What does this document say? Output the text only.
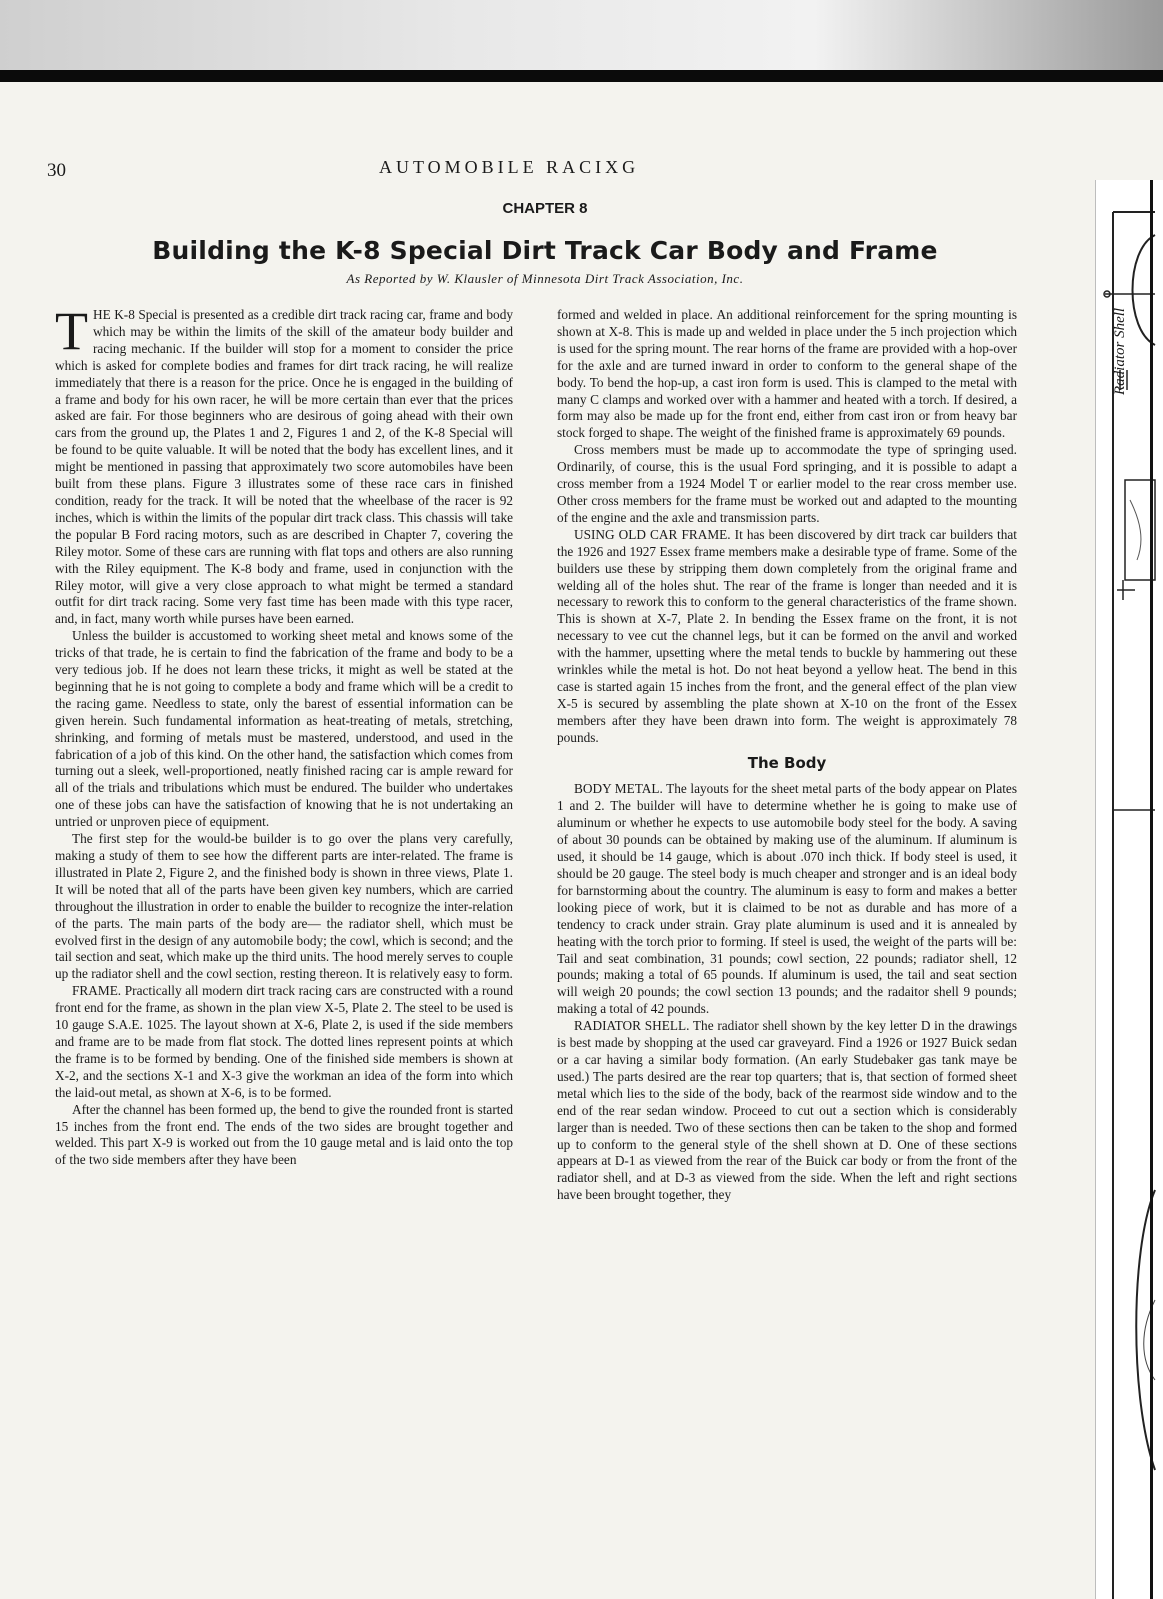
Radiator Shell
30	AUTOMOBILE RACIXG
CHAPTER 8
Building the K-8 Special Dirt Track Car Body and Frame
As Reported by W. Klausler of Minnesota Dirt Track Association, Inc.

THE K-8 Special is presented as a credible dirt track racing car, frame and body which may be within the limits of the skill of the amateur body builder and racing mechanic. If the builder will stop for a moment to consider the price which is asked for complete bodies and frames for dirt track racing, he will realize immediately that there is a reason for the price. Once he is engaged in the building of a frame and body for his own racer, he will be more certain than ever that the prices asked are fair. For those beginners who are desirous of going ahead with their own cars from the ground up, the Plates 1 and 2, Figures 1 and 2, of the K-8 Special will be found to be quite valuable. It will be noted that the body has excellent lines, and it might be mentioned in passing that approximately two score automobiles have been built from these plans. Figure 3 illustrates some of these race cars in finished condition, ready for the track. It will be noted that the wheelbase of the racer is 92 inches, which is within the limits of the popular dirt track class. This chassis will take the popular B Ford racing motors, such as are described in Chapter 7, covering the Riley motor. Some of these cars are running with flat tops and others are also running with the Riley equipment. The K-8 body and frame, used in conjunction with the Riley motor, will give a very close approach to what might be termed a standard outfit for dirt track racing. Some very fast time has been made with this type racer, and, in fact, many worth while purses have been earned.

Unless the builder is accustomed to working sheet metal and knows some of the tricks of that trade, he is certain to find the fabrication of the frame and body to be a very tedious job. If he does not learn these tricks, it might as well be stated at the beginning that he is not going to complete a body and frame which will be a credit to the racing game. Needless to state, only the barest of essential information can be given herein. Such fundamental information as heat-treating of metals, stretching, shrinking, and forming of metals must be mastered, understood, and used in the fabrication of a job of this kind. On the other hand, the satisfaction which comes from turning out a sleek, well-proportioned, neatly finished racing car is ample reward for all of the trials and tribulations which must be endured. The builder who undertakes one of these jobs can have the satisfaction of knowing that he is not undertaking an untried or unproven piece of equipment.

The first step for the would-be builder is to go over the plans very carefully, making a study of them to see how the different parts are inter-related. The frame is illustrated in Plate 2, Figure 2, and the finished body is shown in three views, Plate 1. It will be noted that all of the parts have been given key numbers, which are carried throughout the illustration in order to enable the builder to recognize the inter-relation of the parts. The main parts of the body are— the radiator shell, which must be evolved first in the design of any automobile body; the cowl, which is second; and the tail section and seat, which make up the third units. The hood merely serves to couple up the radiator shell and the cowl section, resting thereon. It is relatively easy to form.

FRAME. Practically all modern dirt track racing cars are constructed with a round front end for the frame, as shown in the plan view X-5, Plate 2. The steel to be used is 10 gauge S.A.E. 1025. The layout shown at X-6, Plate 2, is used if the side members and frame are to be made from flat stock. The dotted lines represent points at which the frame is to be formed by bending. One of the finished side members is shown at X-2, and the sections X-1 and X-3 give the workman an idea of the form into which the laid-out metal, as shown at X-6, is to be formed.

After the channel has been formed up, the bend to give the rounded front is started 15 inches from the front end. The ends of the two sides are brought together and welded. This part X-9 is worked out from the 10 gauge metal and is laid onto the top of the two side members after they have been

formed and welded in place. An additional reinforcement for the spring mounting is shown at X-8. This is made up and welded in place under the 5 inch projection which is used for the spring mount. The rear horns of the frame are provided with a hop-over for the axle and are turned inward in order to conform to the general shape of the body. To bend the hop-up, a cast iron form is used. This is clamped to the metal with many C clamps and worked over with a hammer and heated with a torch. If desired, a form may also be made up for the front end, either from cast iron or from heavy bar stock forged to shape. The weight of the finished frame is approximately 69 pounds.

Cross members must be made up to accommodate the type of springing used. Ordinarily, of course, this is the usual Ford springing, and it is possible to adapt a cross member from a 1924 Model T or earlier model to the rear cross member use. Other cross members for the frame must be worked out and adapted to the mounting of the engine and the axle and transmission parts.

USING OLD CAR FRAME. It has been discovered by dirt track car builders that the 1926 and 1927 Essex frame members make a desirable type of frame. Some of the builders use these by stripping them down completely from the original frame and welding all of the holes shut. The rear of the frame is longer than needed and it is necessary to rework this to conform to the general characteristics of the frame shown. This is shown at X-7, Plate 2. In bending the Essex frame on the front, it is not necessary to vee cut the channel legs, but it can be formed on the anvil and worked with the hammer, upsetting where the metal tends to buckle by hammering out these wrinkles while the metal is hot. Do not heat beyond a yellow heat. The bend in this case is started again 15 inches from the front, and the general effect of the plan view X-5 is secured by assembling the plate shown at X-10 on the front of the Essex members after they have been drawn into form. The weight is approximately 78 pounds.

The Body

BODY METAL. The layouts for the sheet metal parts of the body appear on Plates 1 and 2. The builder will have to determine whether he is going to make use of aluminum or whether he expects to use automobile body steel for the body. A saving of about 30 pounds can be obtained by making use of the aluminum. If aluminum is used, it should be 14 gauge, which is about .070 inch thick. If body steel is used, it should be 20 gauge. The steel body is much cheaper and stronger and is an ideal body for barnstorming about the country. The aluminum is easy to form and makes a better looking piece of work, but it is claimed to be not as durable and has more of a tendency to crack under strain. Gray plate aluminum is used and it is annealed by heating with the torch prior to forming. If steel is used, the weight of the parts will be: Tail and seat combination, 31 pounds; cowl section, 22 pounds; radiator shell, 12 pounds; making a total of 65 pounds. If aluminum is used, the tail and seat section will weigh 20 pounds; the cowl section 13 pounds; and the radaitor shell 9 pounds; making a total of 42 pounds.

RADIATOR SHELL. The radiator shell shown by the key letter D in the drawings is best made by shopping at the used car graveyard. Find a 1926 or 1927 Buick sedan or a car having a similar body formation. (An early Studebaker gas tank maye be used.) The parts desired are the rear top quarters; that is, that section of formed sheet metal which lies to the side of the body, back of the rearmost side window and to the end of the rear sedan window. Proceed to cut out a section which is considerably larger than is needed. Two of these sections then can be taken to the shop and formed up to conform to the general style of the shell shown at D. One of these sections appears at D-1 as viewed from the rear of the Buick car body or from the front of the radiator shell, and at D-3 as viewed from the side. When the left and right sections have been brought together, they
